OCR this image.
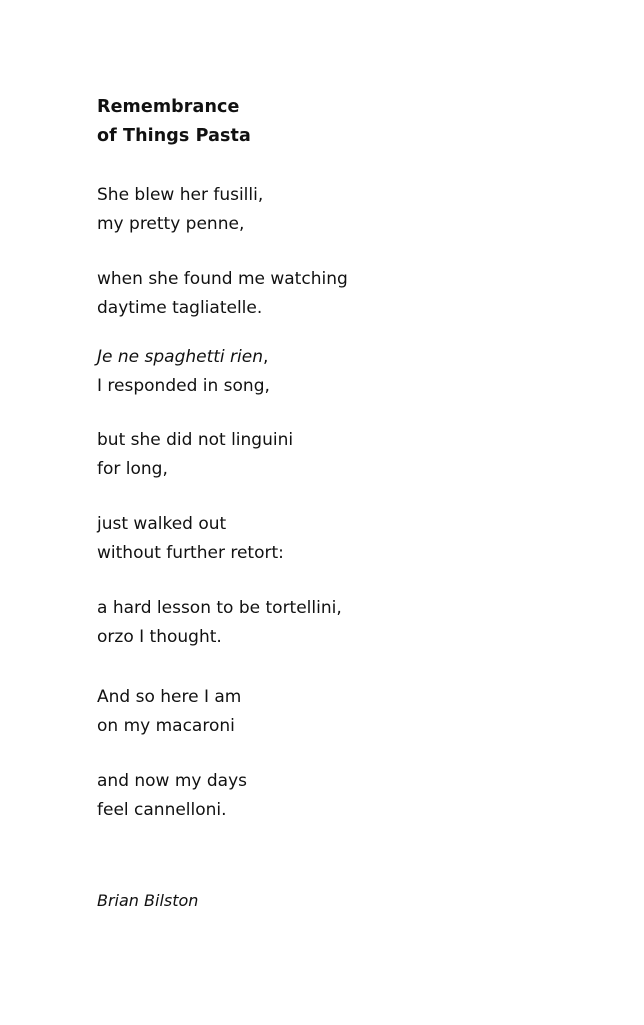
Remembrance
of Things Pasta

She blew her fusilli,
my pretty penne,

when she found me watching
daytime tagliatelle.

Je ne spaghetti rien,
I responded in song,

but she did not linguini
for long,

just walked out
without further retort:

a hard lesson to be tortellini,
orzo I thought.

And so here I am
on my macaroni

and now my days
feel cannelloni.

Brian Bilston
